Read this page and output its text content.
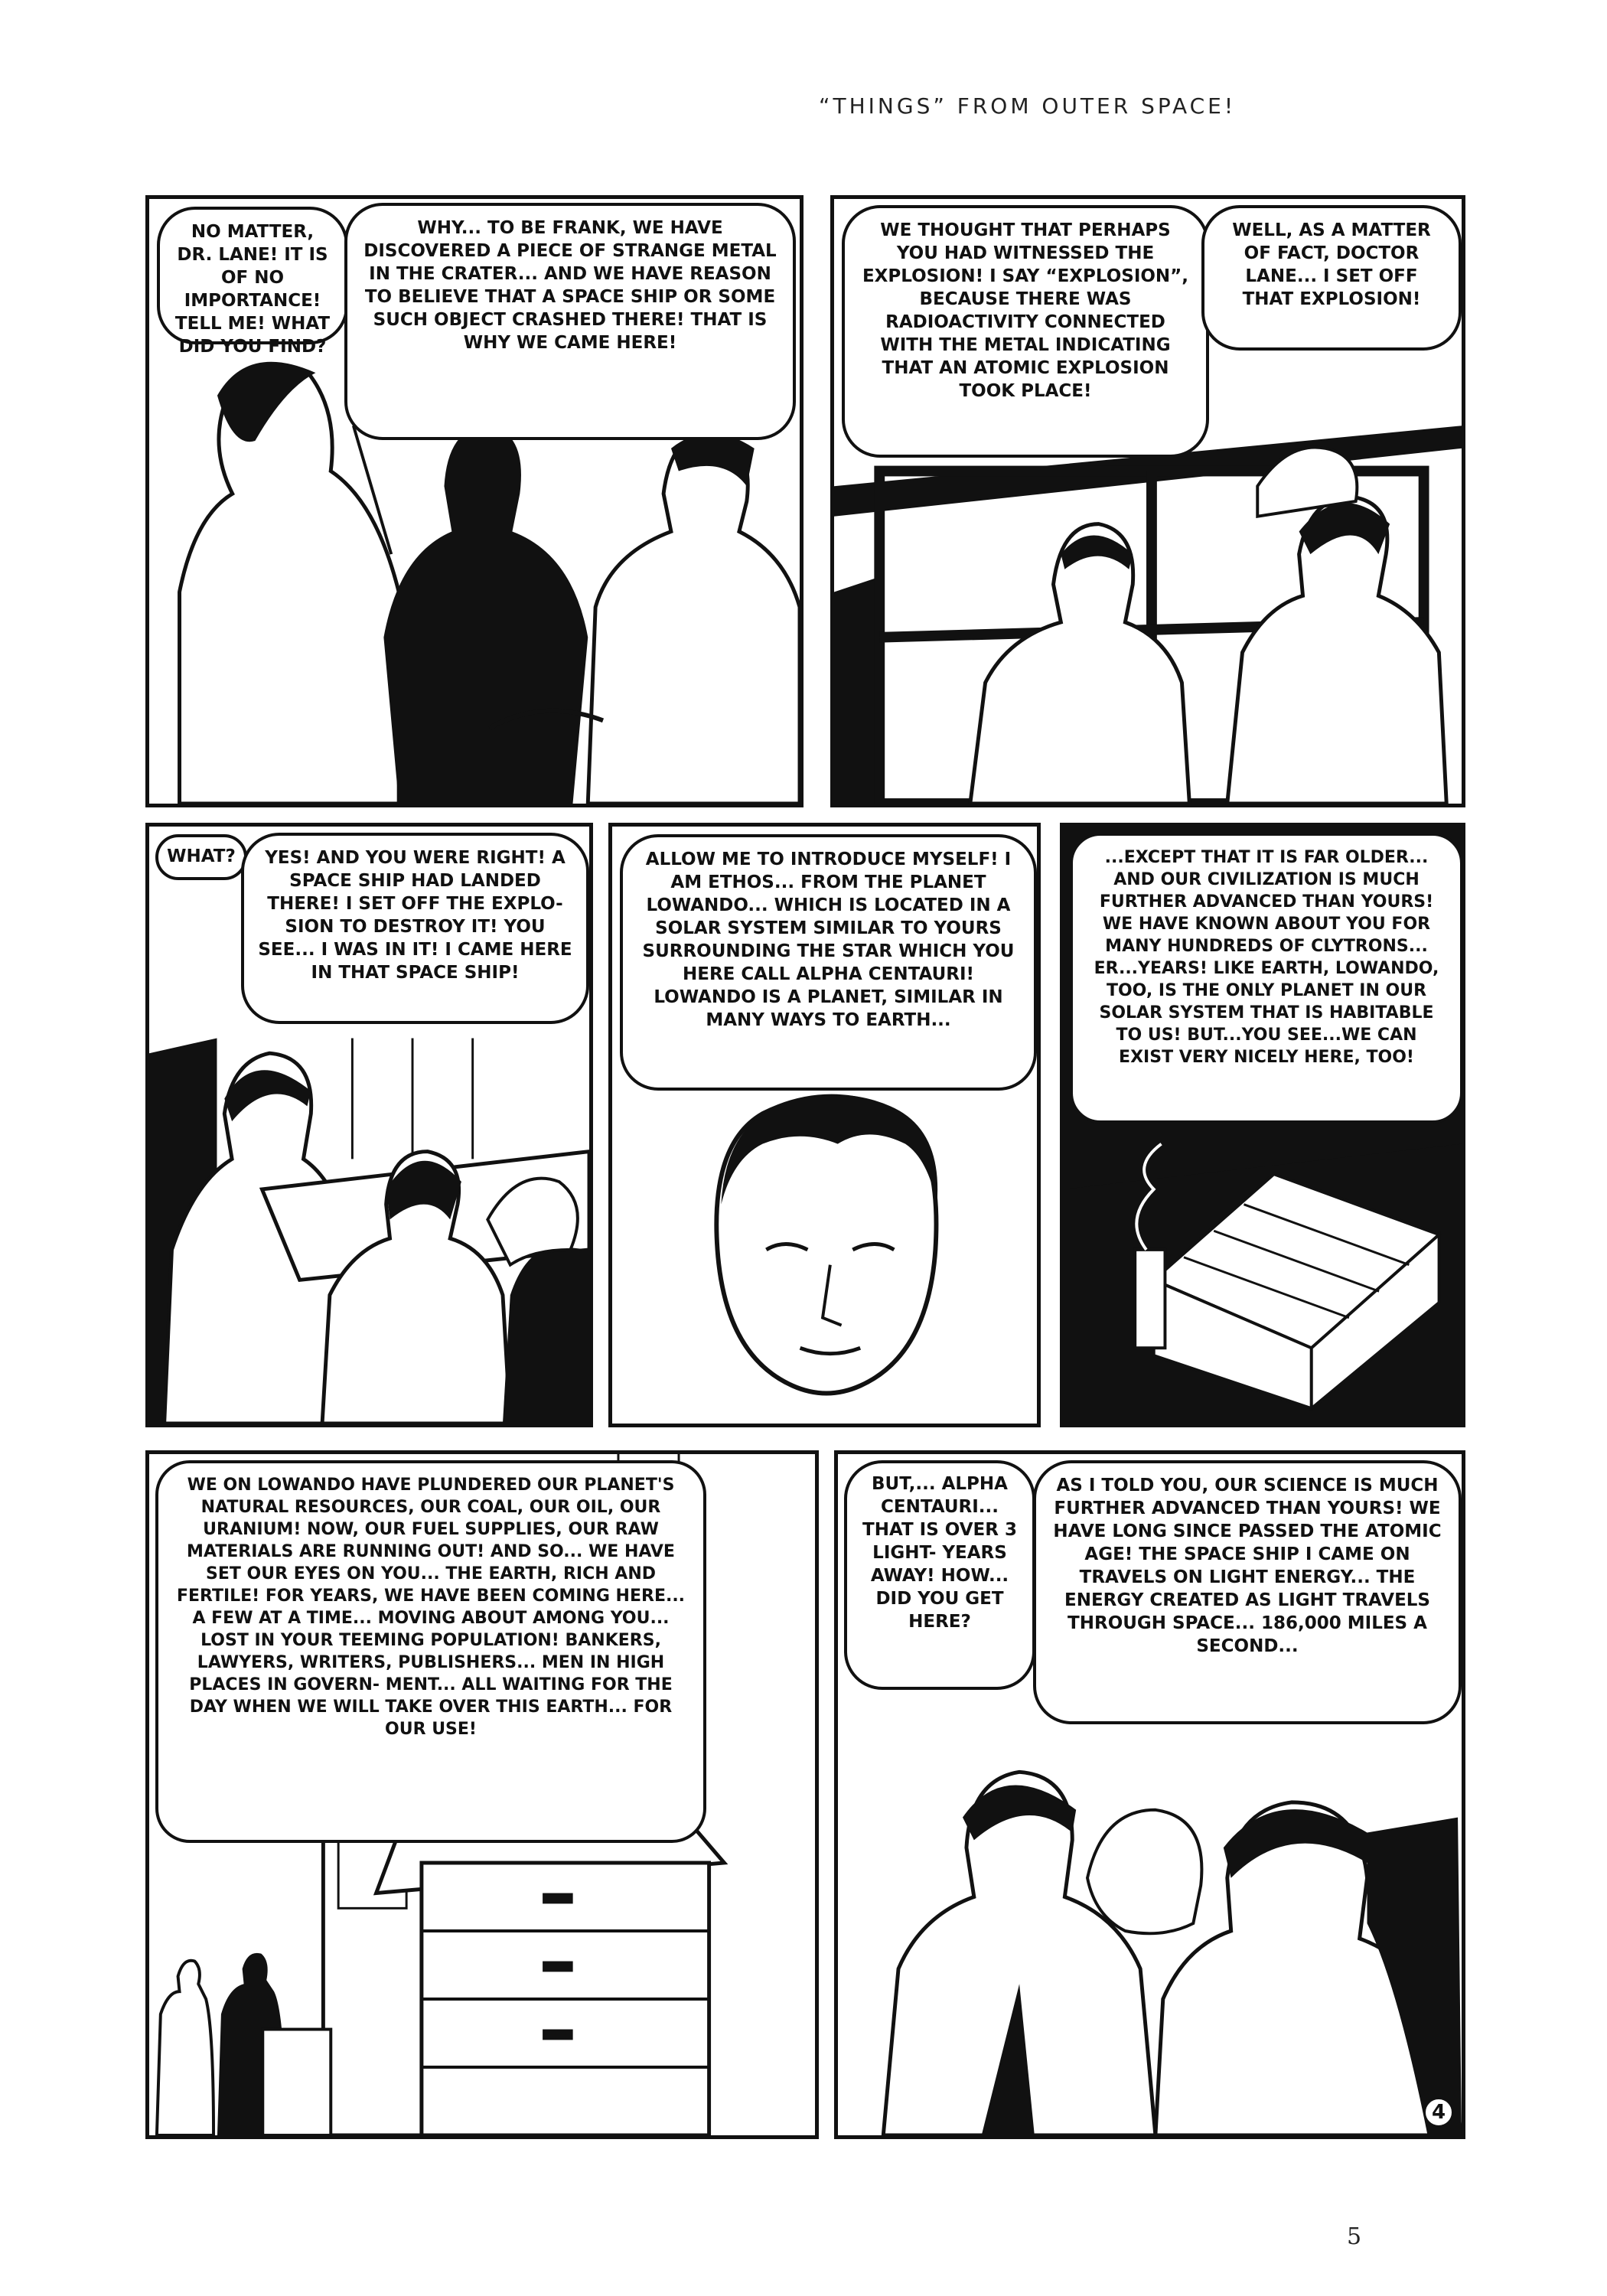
“THINGS” FROM OUTER SPACE!
NO MATTER, DR. LANE! IT IS OF NO IMPORTANCE! TELL ME! WHAT DID YOU FIND?
WHY... TO BE FRANK, WE HAVE DISCOVERED A PIECE OF STRANGE METAL IN THE CRATER... AND WE HAVE REASON TO BELIEVE THAT A SPACE SHIP OR SOME SUCH OBJECT CRASHED THERE! THAT IS WHY WE CAME HERE!
WE THOUGHT THAT PERHAPS YOU HAD WITNESSED THE EXPLOSION! I SAY “EXPLOSION”, BECAUSE THERE WAS RADIOACTIVITY CONNECTED WITH THE METAL INDICATING THAT AN ATOMIC EXPLOSION TOOK PLACE!
WELL, AS A MATTER OF FACT, DOCTOR LANE... I SET OFF THAT EXPLOSION!
WHAT?	YES! AND YOU WERE RIGHT! A SPACE SHIP HAD LANDED THERE! I SET OFF THE EXPLO- SION TO DESTROY IT! YOU SEE... I WAS IN IT! I CAME HERE IN THAT SPACE SHIP!
ALLOW ME TO INTRODUCE MYSELF! I AM ETHOS... FROM THE PLANET LOWANDO... WHICH IS LOCATED IN A SOLAR SYSTEM SIMILAR TO YOURS SURROUNDING THE STAR WHICH YOU HERE CALL ALPHA CENTAURI! LOWANDO IS A PLANET, SIMILAR IN MANY WAYS TO EARTH...
...EXCEPT THAT IT IS FAR OLDER... AND OUR CIVILIZATION IS MUCH FURTHER ADVANCED THAN YOURS! WE HAVE KNOWN ABOUT YOU FOR MANY HUNDREDS OF CLYTRONS... ER...YEARS! LIKE EARTH, LOWANDO, TOO, IS THE ONLY PLANET IN OUR SOLAR SYSTEM THAT IS HABITABLE TO US! BUT...YOU SEE...WE CAN EXIST VERY NICELY HERE, TOO!
WE ON LOWANDO HAVE PLUNDERED OUR PLANET'S NATURAL RESOURCES, OUR COAL, OUR OIL, OUR URANIUM! NOW, OUR FUEL SUPPLIES, OUR RAW MATERIALS ARE RUNNING OUT! AND SO... WE HAVE SET OUR EYES ON YOU... THE EARTH, RICH AND FERTILE! FOR YEARS, WE HAVE BEEN COMING HERE... A FEW AT A TIME... MOVING ABOUT AMONG YOU... LOST IN YOUR TEEMING POPULATION! BANKERS, LAWYERS, WRITERS, PUBLISHERS... MEN IN HIGH PLACES IN GOVERN- MENT... ALL WAITING FOR THE DAY WHEN WE WILL TAKE OVER THIS EARTH... FOR OUR USE!
BUT,... ALPHA CENTAURI... THAT IS OVER 3 LIGHT- YEARS AWAY! HOW... DID YOU GET HERE?
AS I TOLD YOU, OUR SCIENCE IS MUCH FURTHER ADVANCED THAN YOURS! WE HAVE LONG SINCE PASSED THE ATOMIC AGE! THE SPACE SHIP I CAME ON TRAVELS ON LIGHT ENERGY... THE ENERGY CREATED AS LIGHT TRAVELS THROUGH SPACE... 186,000 MILES A SECOND...
4
5
